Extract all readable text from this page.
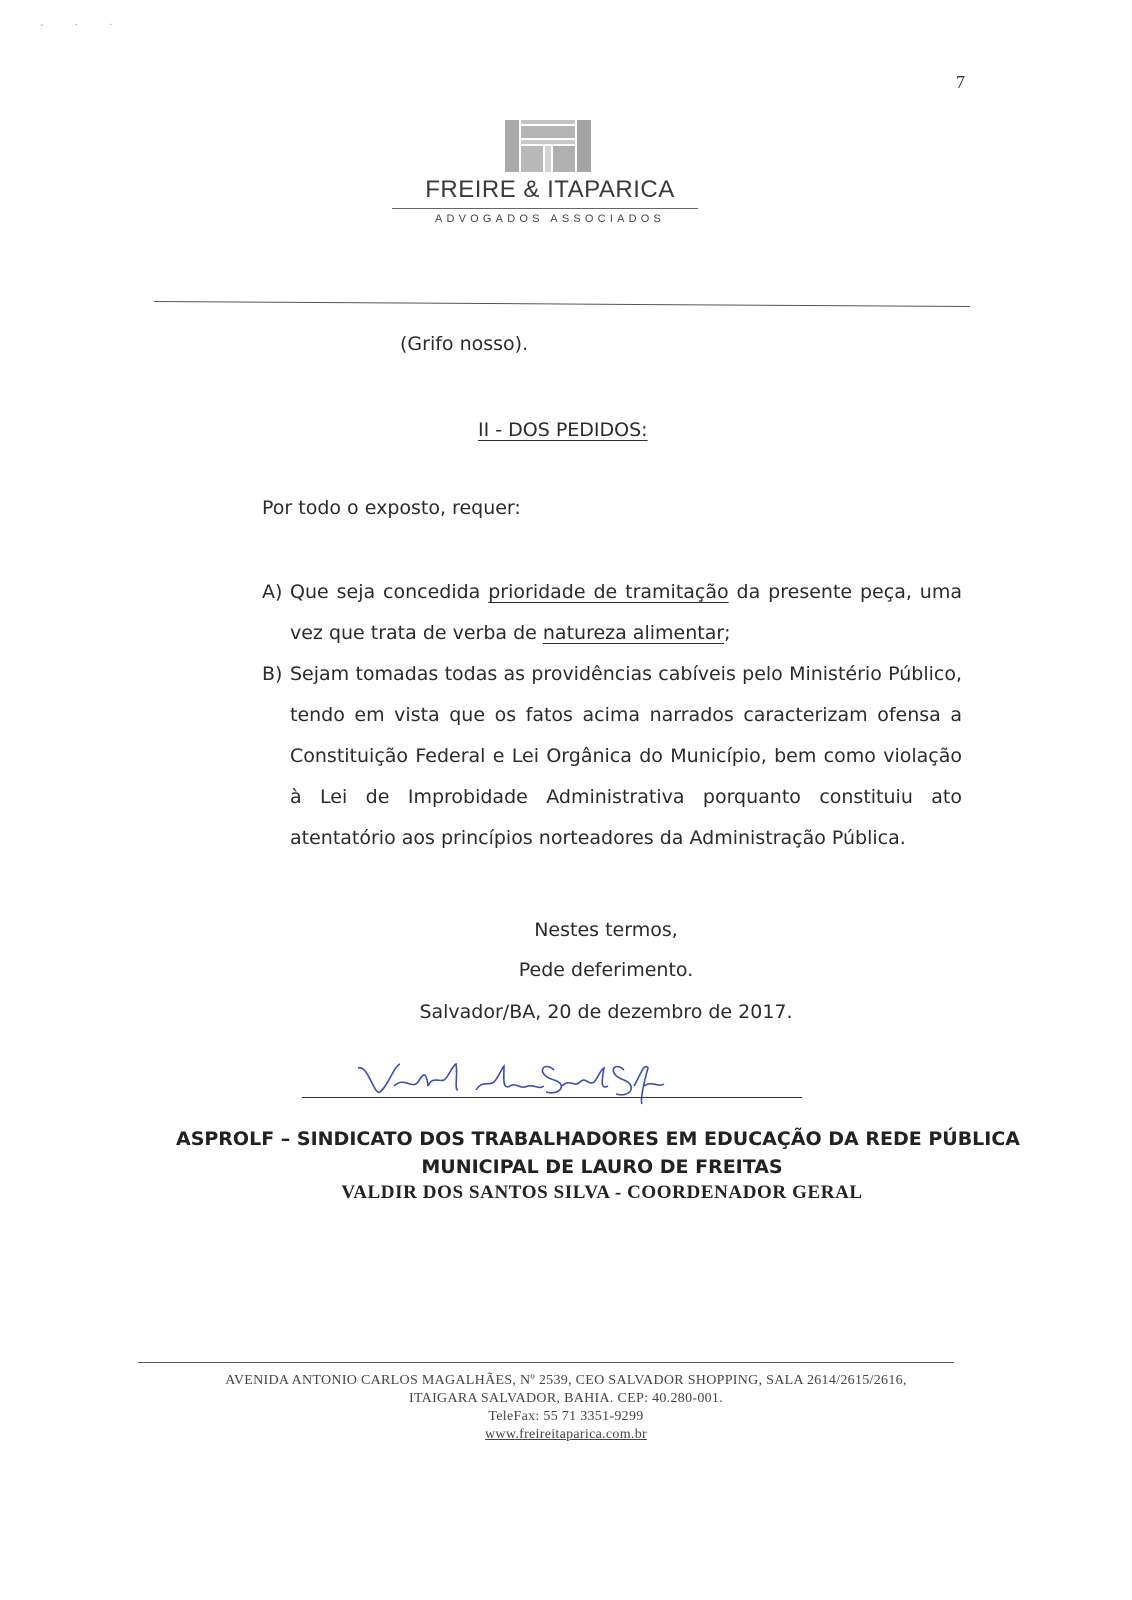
- · ·
7
FREIRE & ITAPARICA
ADVOGADOS ASSOCIADOS
(Grifo nosso).
II - DOS PEDIDOS:
Por todo o exposto, requer:
A) Que seja concedida prioridade de tramitação da presente peça, uma vez que trata de verba de natureza alimentar;
B) Sejam tomadas todas as providências cabíveis pelo Ministério Público, tendo em vista que os fatos acima narrados caracterizam ofensa a Constituição Federal e Lei Orgânica do Município, bem como violação à Lei de Improbidade Administrativa porquanto constituiu ato atentatório aos princípios norteadores da Administração Pública.
Nestes termos,
Pede deferimento.
Salvador/BA, 20 de dezembro de 2017.
ASPROLF – SINDICATO DOS TRABALHADORES EM EDUCAÇÃO DA REDE PÚBLICA
MUNICIPAL DE LAURO DE FREITAS
VALDIR DOS SANTOS SILVA - COORDENADOR GERAL
AVENIDA ANTONIO CARLOS MAGALHÃES, Nº 2539, CEO SALVADOR SHOPPING, SALA 2614/2615/2616,
ITAIGARA SALVADOR, BAHIA. CEP: 40.280-001.
TeleFax: 55 71 3351-9299
www.freireitaparica.com.br
